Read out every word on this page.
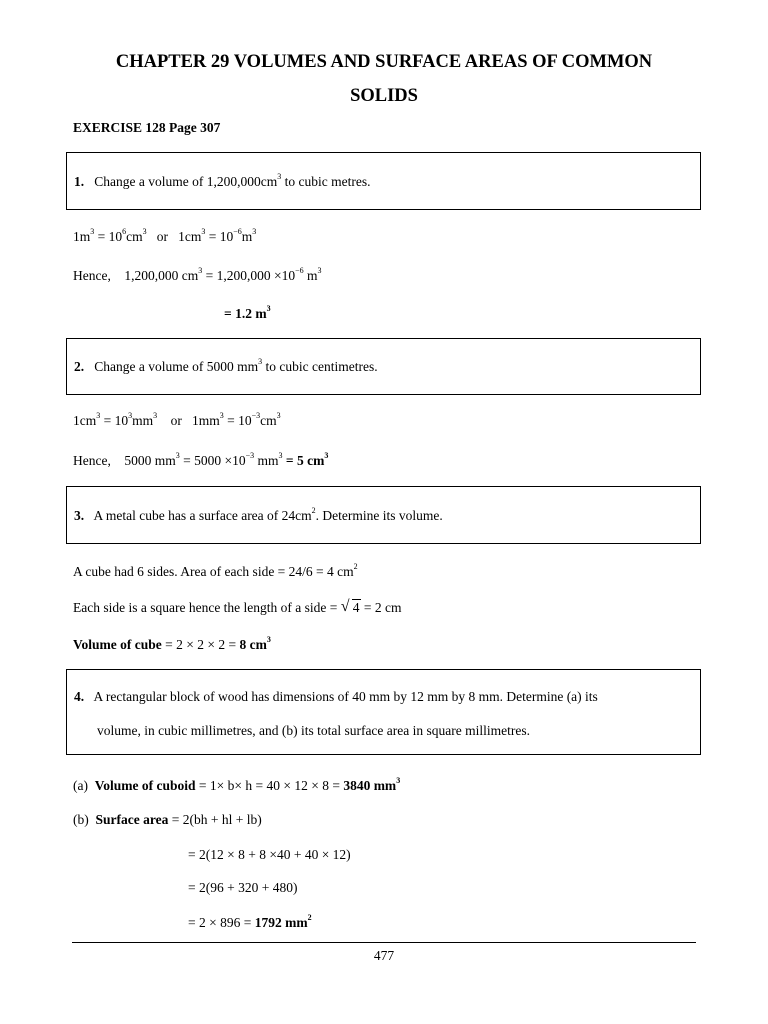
CHAPTER 29 VOLUMES AND SURFACE AREAS OF COMMON
SOLIDS
EXERCISE 128 Page 307
1. Change a volume of $1,200,000cm^3$ to cubic metres.
$1m^3 = 10^6cm^3$   or   $1cm^3 = 10^{-6}m^3$
Hence, 1,200,000 $cm^3 = 1,200,000 \times 10^{-6}$ $m^3$
= 1.2 $m^3$
2. Change a volume of 5000 $mm^3$ to cubic centimetres.
$1cm^3 = 10^3mm^3$    or   $1mm^3 = 10^{-3}cm^3$
Hence, 5000 $mm^3 = 5000 \times 10^{-3}$ $mm^3 = 5$ $cm^3$
3. A metal cube has a surface area of $24cm^2$. Determine its volume.
A cube had 6 sides. Area of each side = 24/6 = 4 $cm^2$
Each side is a square hence the length of a side = √ 4 = 2 cm
Volume of cube = 2 × 2 × 2 = 8 $cm^3$
4. A rectangular block of wood has dimensions of 40 mm by 12 mm by 8 mm. Determine (a) its
volume, in cubic millimetres, and (b) its total surface area in square millimetres.
(a) Volume of cuboid = 1× b× h = 40 × 12 × 8 = 3840 $mm^3$
(b) Surface area = 2(bh + hl + lb)
= 2(12 × 8 + 8 ×40 + 40 × 12)
= 2(96 + 320 + 480)
= 2 × 896 = 1792 $mm^2$
477
